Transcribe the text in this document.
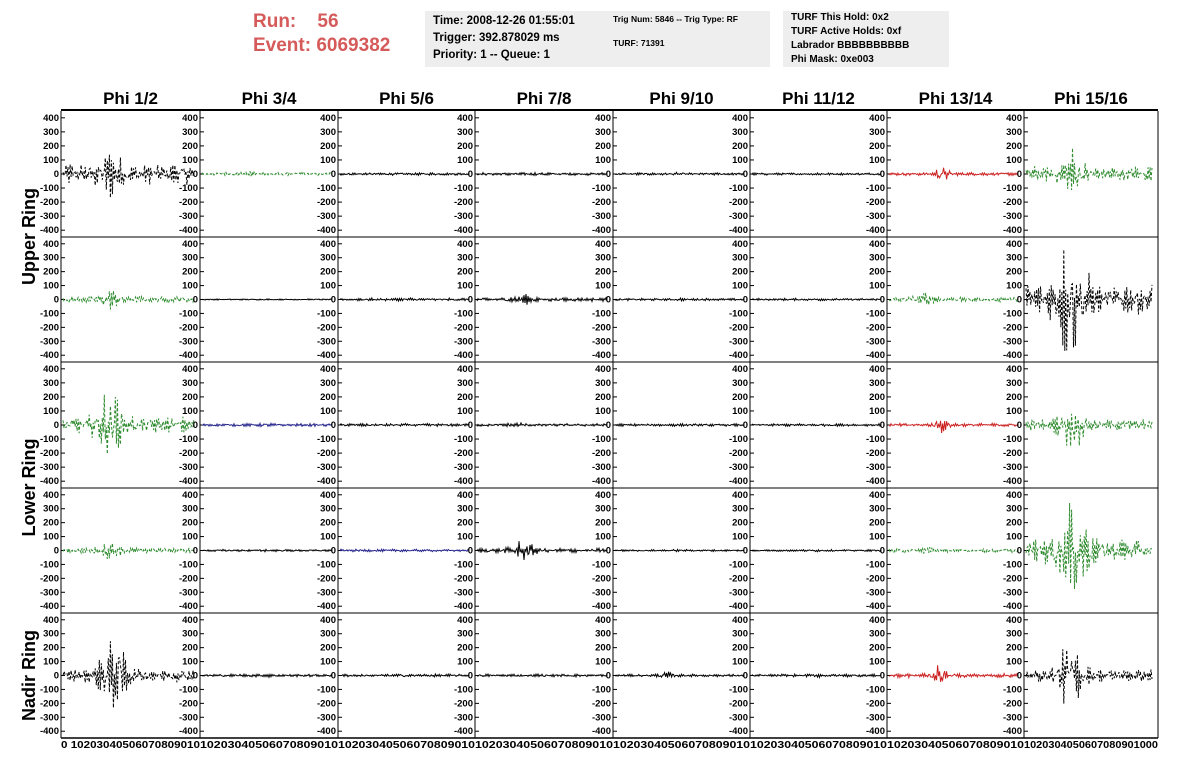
Run: 56
Event: 6069382
Time: 2008-12-26 01:55:01
Trigger: 392.878029 ms
Priority: 1 -- Queue: 1
Trig Num: 5846 -- Trig Type: RF
TURF: 71391
TURF This Hold: 0x2
TURF Active Holds: 0xf
Labrador BBBBBBBBBB
Phi Mask: 0xe003
Phi 1/2	Phi 3/4	Phi 5/6	Phi 7/8	Phi 9/10	Phi 11/12	Phi 13/14	Phi 15/16
Upper Ring
Lower Ring
Nadir Ring
-400
-300
-200
-100
0
100
200
300
400
-400
-300
-200
-100
0
100
200
300
400
-400
-300
-200
-100
0
100
200
300
400
-400
-300
-200
-100
0
100
200
300
400
-400
-300
-200
-100
0
100
200
300
400
-400
-300
-200
-100
0
100
200
300
400
-400
-300
-200
-100
0
100
200
300
400
-400
-300
-200
-100
0
100
200
300
400
-400
-300
-200
-100
0
100
200
300
400
-400
-300
-200
-100
0
100
200
300
400
-400
-300
-200
-100
0
100
200
300
400
-400
-300
-200
-100
0
100
200
300
400
-400
-300
-200
-100
0
100
200
300
400
-400
-300
-200
-100
0
100
200
300
400
-400
-300
-200
-100
0
100
200
300
400
-400
-300
-200
-100
0
100
200
300
400
-400
-300
-200
-100
0
100
200
300
400
-400
-300
-200
-100
0
100
200
300
400
-400
-300
-200
-100
0
100
200
300
400
-400
-300
-200
-100
0
100
200
300
400
-400
-300
-200
-100
0
100
200
300
400
-400
-300
-200
-100
0
100
200
300
400
-400
-300
-200
-100
0
100
200
300
400
-400
-300
-200
-100
0
100
200
300
400
-400
-300
-200
-100
0
100
200
300
400
-400
-300
-200
-100
0
100
200
300
400
-400
-300
-200
-100
0
100
200
300
400
-400
-300
-200
-100
0
100
200
300
400
-400
-300
-200
-100
0
100
200
300
400
-400
-300
-200
-100
0
100
200
300
400
-400
-300
-200
-100
0
100
200
300
400
-400
-300
-200
-100
0
100
200
300
400
-400
-300
-200
-100
0
100
200
300
400
-400
-300
-200
-100
0
100
200
300
400
-400
-300
-200
-100
0
100
200
300
400
-400
-300
-200
-100
0
100
200
300
400
-400
-300
-200
-100
0
100
200
300
400
-400
-300
-200
-100
0
100
200
300
400
-400
-300
-200
-100
0
100
200
300
400
-400
-300
-200
-100
0
100
200
300
400
0 10203040506070809010 10203040506070809010 10203040506070809010 10203040506070809010 10203040506070809010 10203040506070809010 10203040506070809010 1020304050607080901000
